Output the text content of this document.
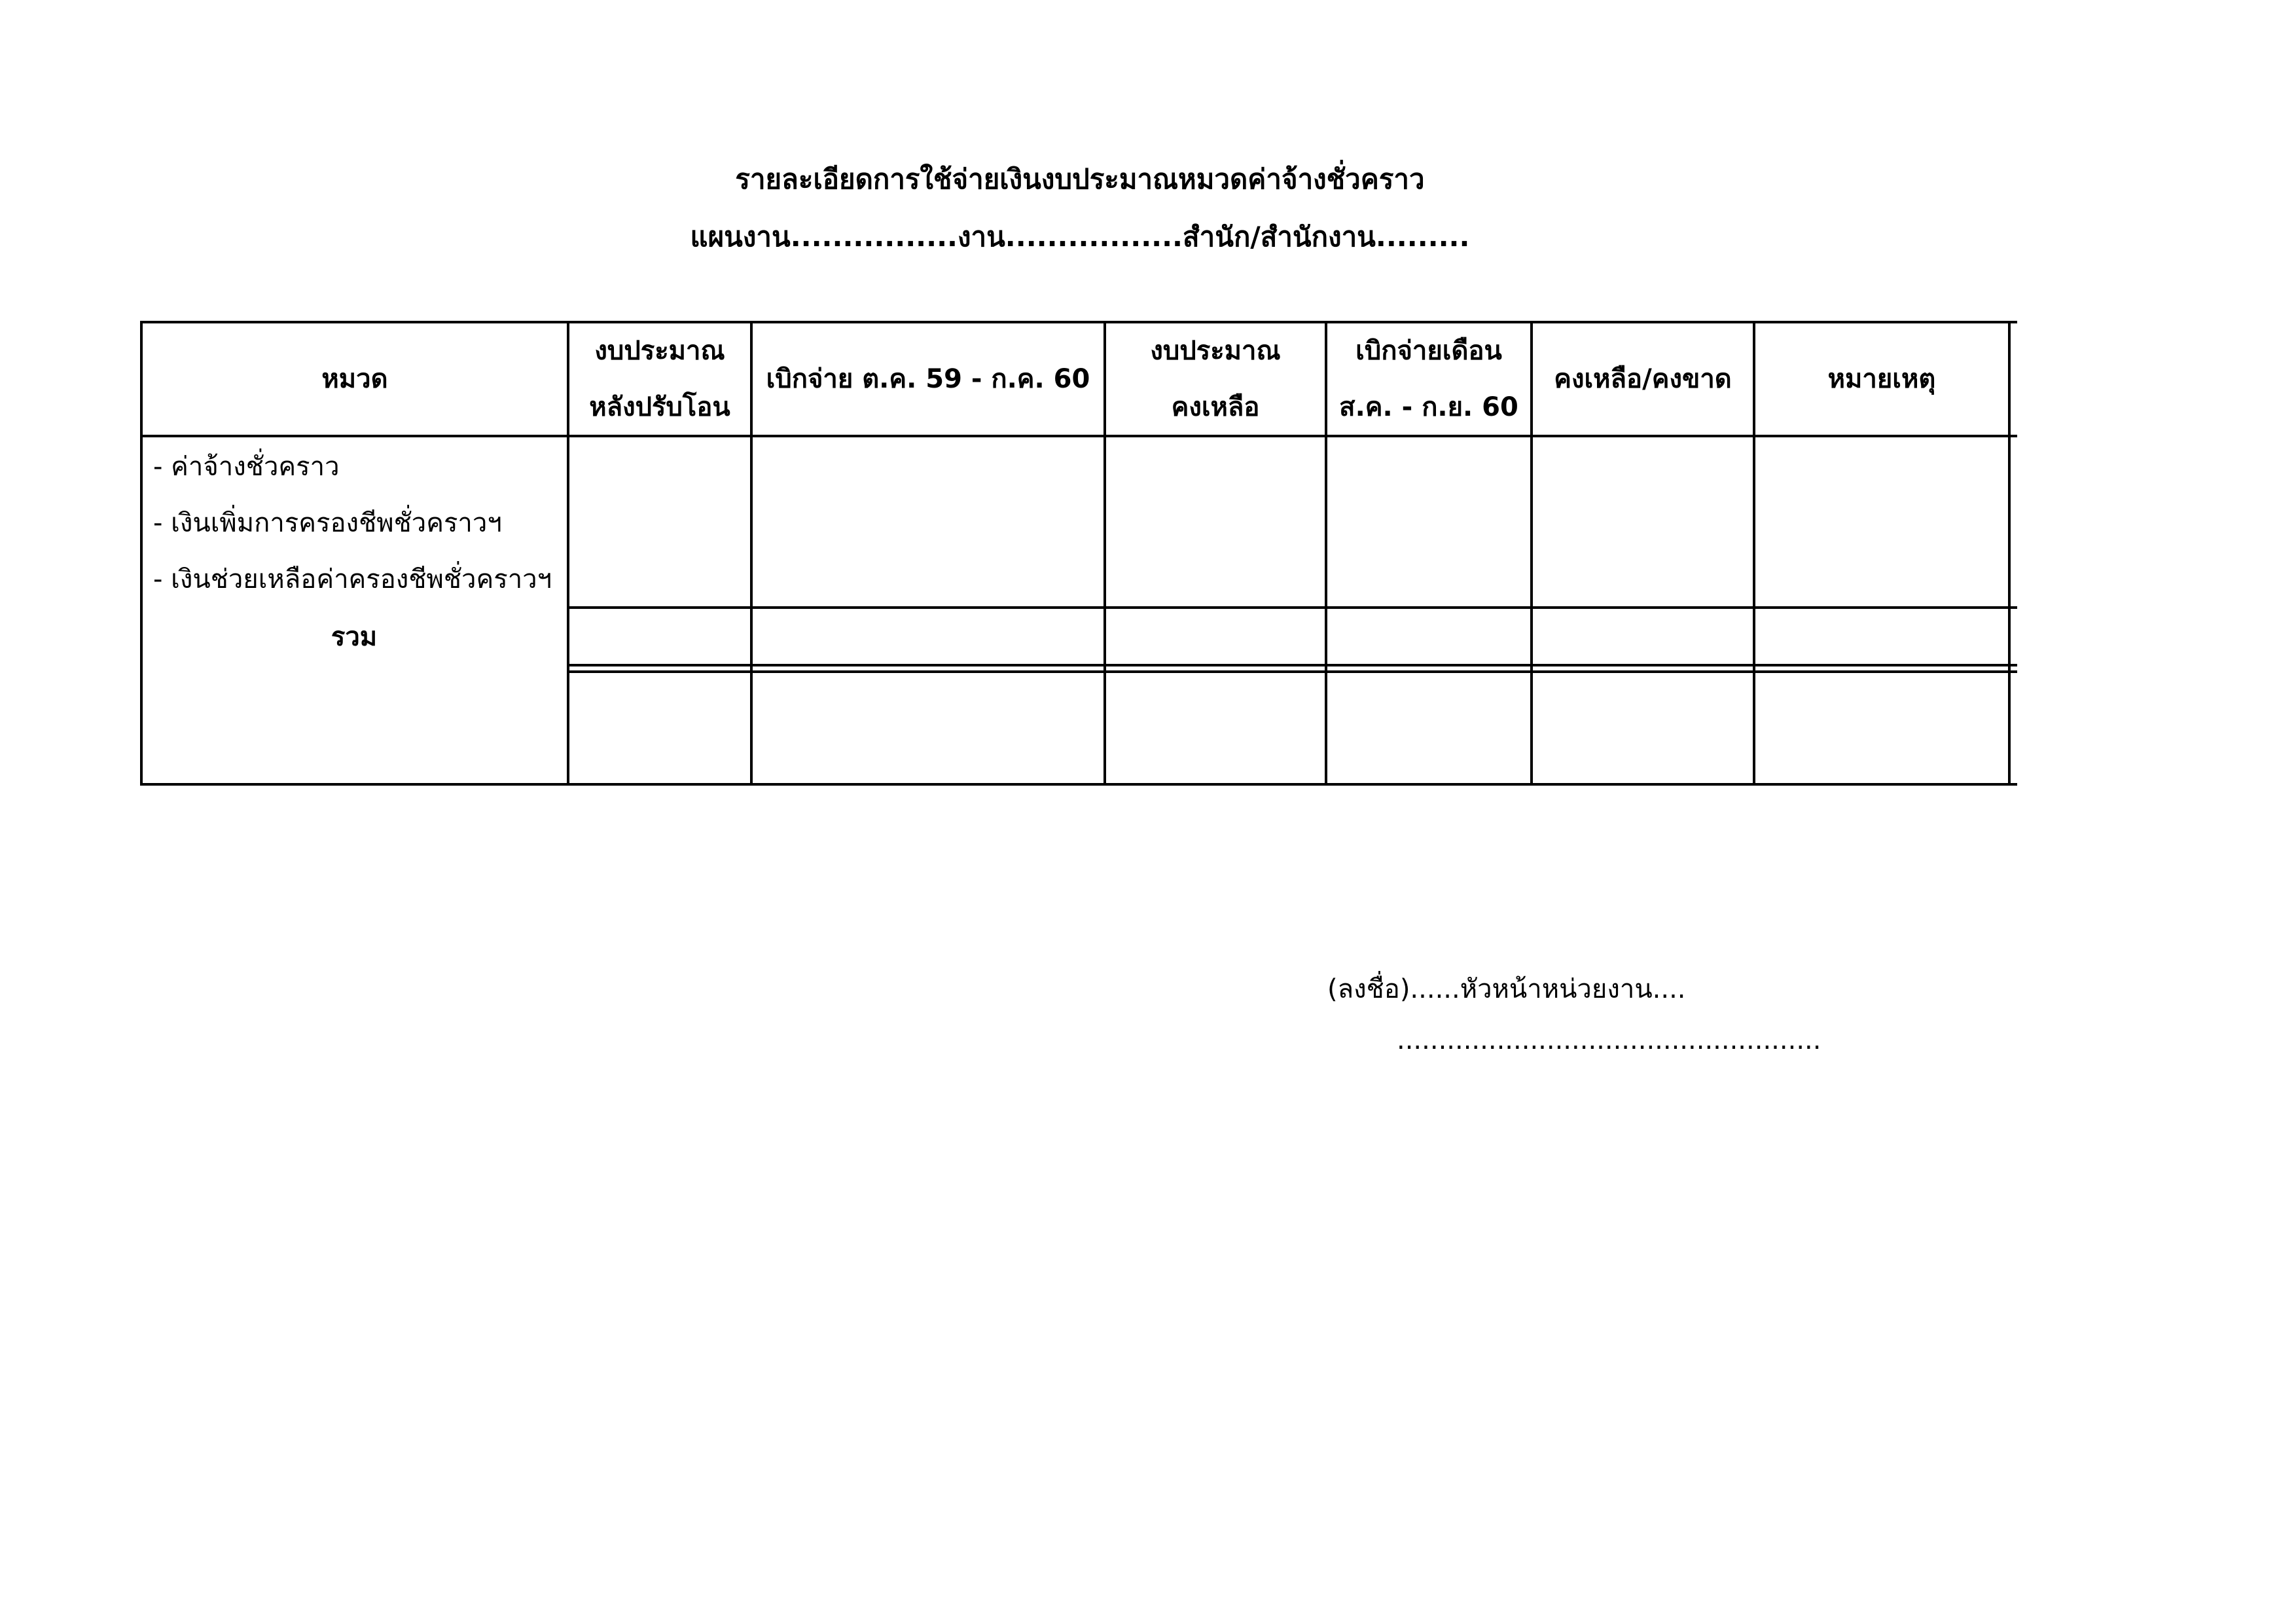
รายละเอียดการใช้จ่ายเงินงบประมาณหมวดค่าจ้างชั่วคราว
แผนงาน................งาน.................สำนัก/สำนักงาน.........
หมวด
งบประมาณ
หลังปรับโอน
เบิกจ่าย ต.ค. 59 - ก.ค. 60
งบประมาณ
คงเหลือ
เบิกจ่ายเดือน
ส.ค. - ก.ย. 60
คงเหลือ/คงขาด	หมายเหตุ
- ค่าจ้างชั่วคราว
- เงินเพิ่มการครองชีพชั่วคราวฯ
- เงินช่วยเหลือค่าครองชีพชั่วคราวฯ
รวม
(ลงชื่อ)......หัวหน้าหน่วยงาน....
...................................................
